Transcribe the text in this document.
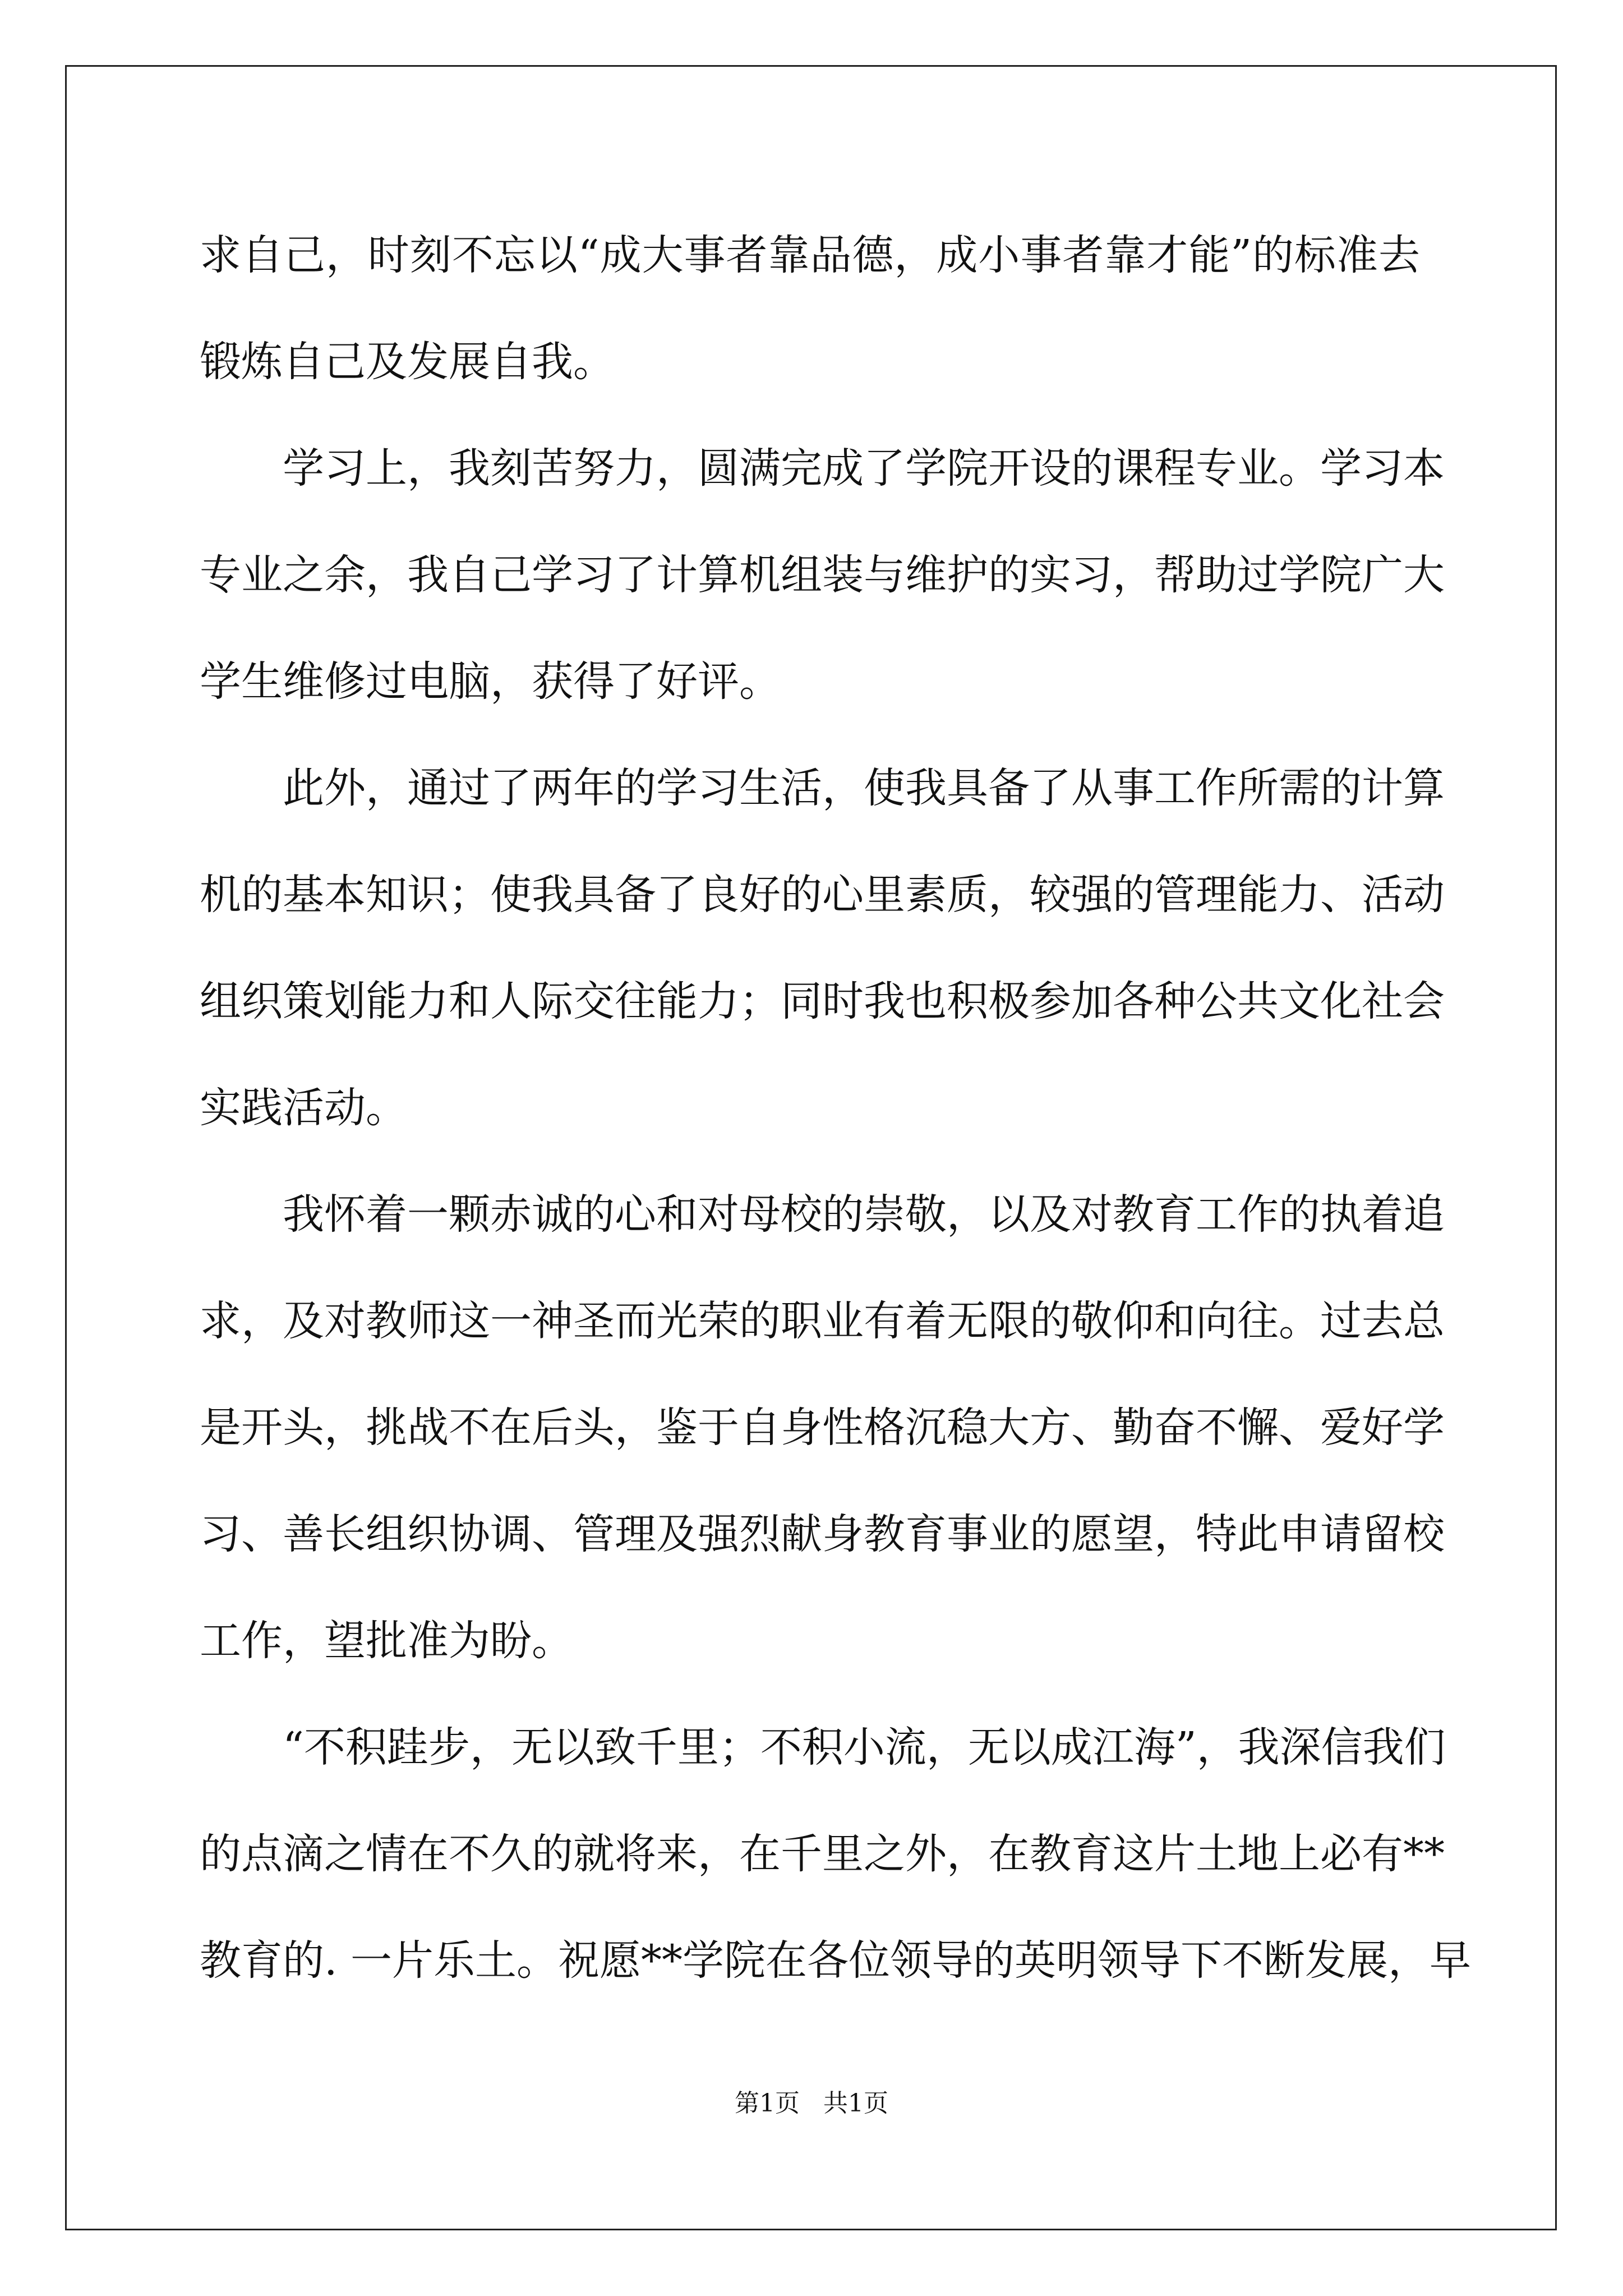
求自己，时刻不忘以“成大事者靠品德，成小事者靠才能”的标准去
锻炼自己及发展自我。
学习上，我刻苦努力，圆满完成了学院开设的课程专业。学习本
专业之余，我自己学习了计算机组装与维护的实习，帮助过学院广大
学生维修过电脑，获得了好评。
此外，通过了两年的学习生活，使我具备了从事工作所需的计算
机的基本知识；使我具备了良好的心里素质，较强的管理能力、活动
组织策划能力和人际交往能力；同时我也积极参加各种公共文化社会
实践活动。
我怀着一颗赤诚的心和对母校的崇敬，以及对教育工作的执着追
求，及对教师这一神圣而光荣的职业有着无限的敬仰和向往。过去总
是开头，挑战不在后头，鉴于自身性格沉稳大方、勤奋不懈、爱好学
习、善长组织协调、管理及强烈献身教育事业的愿望，特此申请留校
工作，望批准为盼。
“不积跬步，无以致千里；不积小流，无以成江海”，我深信我们
的点滴之情在不久的就将来，在千里之外，在教育这片土地上必有**
教育的. 一片乐土。祝愿**学院在各位领导的英明领导下不断发展，早
第1页   共1页
